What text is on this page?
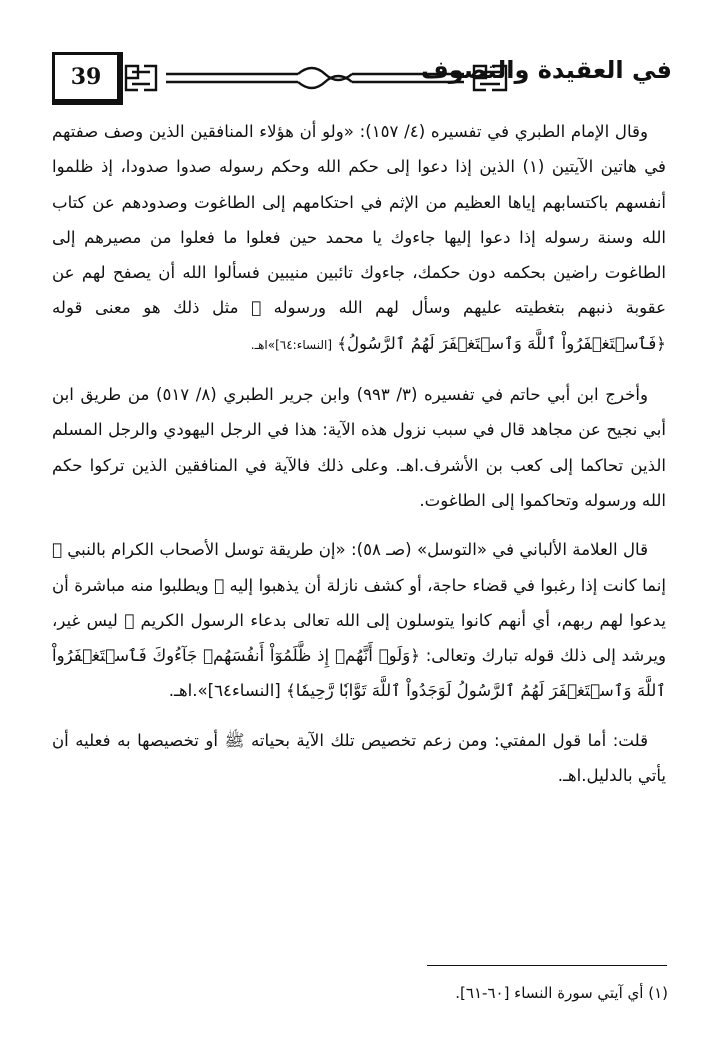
39	في العقيدة والتصوف

وقال الإمام الطبري في تفسيره (٤/ ١٥٧): «ولو أن هؤلاء المنافقين الذين وصف صفتهم في هاتين الآيتين (١) الذين إذا دعوا إلى حكم الله وحكم رسوله صدوا صدودا، إذ ظلموا أنفسهم باكتسابهم إياها العظيم من الإثم في احتكامهم إلى الطاغوت وصدودهم عن كتاب الله وسنة رسوله إذا دعوا إليها جاءوك يا محمد حين فعلوا ما فعلوا من مصيرهم إلى الطاغوت راضين بحكمه دون حكمك، جاءوك تائبين منيبين فسألوا الله أن يصفح لهم عن عقوبة ذنبهم بتغطيته عليهم وسأل لهم الله ورسوله ﷺ مثل ذلك هو معنى قوله ﴿فَٱسۡتَغۡفَرُواْ ٱللَّهَ وَٱسۡتَغۡفَرَ لَهُمُ ٱلرَّسُولُ﴾ [النساء:٦٤]»اهـ.

وأخرج ابن أبي حاتم في تفسيره (٣/ ٩٩٣) وابن جرير الطبري (٨/ ٥١٧) من طريق ابن أبي نجيح عن مجاهد قال في سبب نزول هذه الآية: هذا في الرجل اليهودي والرجل المسلم الذين تحاكما إلى كعب بن الأشرف.اهـ. وعلى ذلك فالآية في المنافقين الذين تركوا حكم الله ورسوله وتحاكموا إلى الطاغوت.

قال العلامة الألباني في «التوسل» (صـ ٥٨): «إن طريقة توسل الأصحاب الكرام بالنبي ﷺ إنما كانت إذا رغبوا في قضاء حاجة، أو كشف نازلة أن يذهبوا إليه ﷺ ويطلبوا منه مباشرة أن يدعوا لهم ربهم، أي أنهم كانوا يتوسلون إلى الله تعالى بدعاء الرسول الكريم ﷺ ليس غير، ويرشد إلى ذلك قوله تبارك وتعالى: ﴿وَلَوۡ أَنَّهُمۡ إِذ ظَّلَمُوٓاْ أَنفُسَهُمۡ جَآءُوكَ فَٱسۡتَغۡفَرُواْ ٱللَّهَ وَٱسۡتَغۡفَرَ لَهُمُ ٱلرَّسُولُ لَوَجَدُواْ ٱللَّهَ تَوَّابٗا رَّحِيمٗا﴾ [النساء٦٤]».اهـ.

قلت: أما قول المفتي: ومن زعم تخصيص تلك الآية بحياته ﷺ أو تخصيصها به فعليه أن يأتي بالدليل.اهـ.

(١) أي آيتي سورة النساء [٦٠-٦١].
